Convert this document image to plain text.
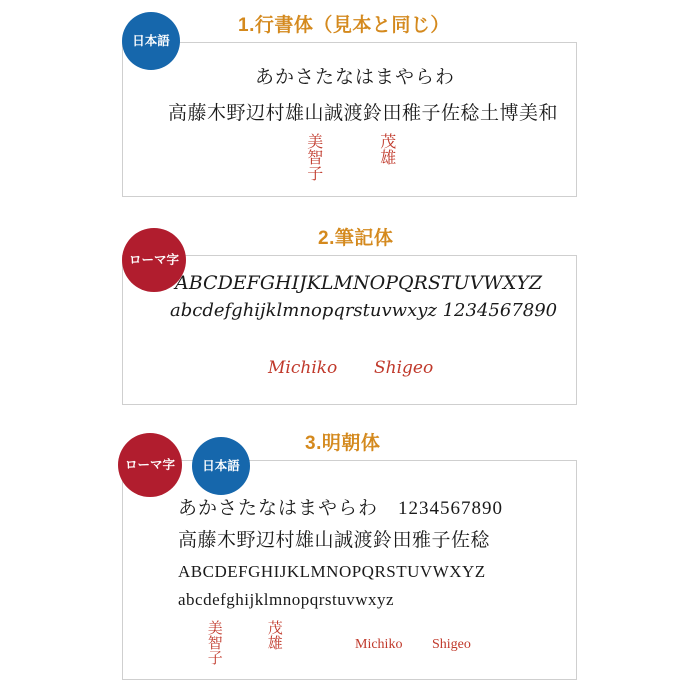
1.行書体（見本と同じ）
日本語
あかさたなはまやらわ
高藤木野辺村雄山誠渡鈴田稚子佐稔土博美和
美智子	茂雄
2.筆記体
ローマ字
ABCDEFGHIJKLMNOPQRSTUVWXYZ
abcdefghijklmnopqrstuvwxyz 1234567890
Michiko Shigeo
3.明朝体
ローマ字	日本語
あかさたなはまやらわ　1234567890
高藤木野辺村雄山誠渡鈴田雅子佐稔
ABCDEFGHIJKLMNOPQRSTUVWXYZ
abcdefghijklmnopqrstuvwxyz
美智子	茂雄	Michiko Shigeo
